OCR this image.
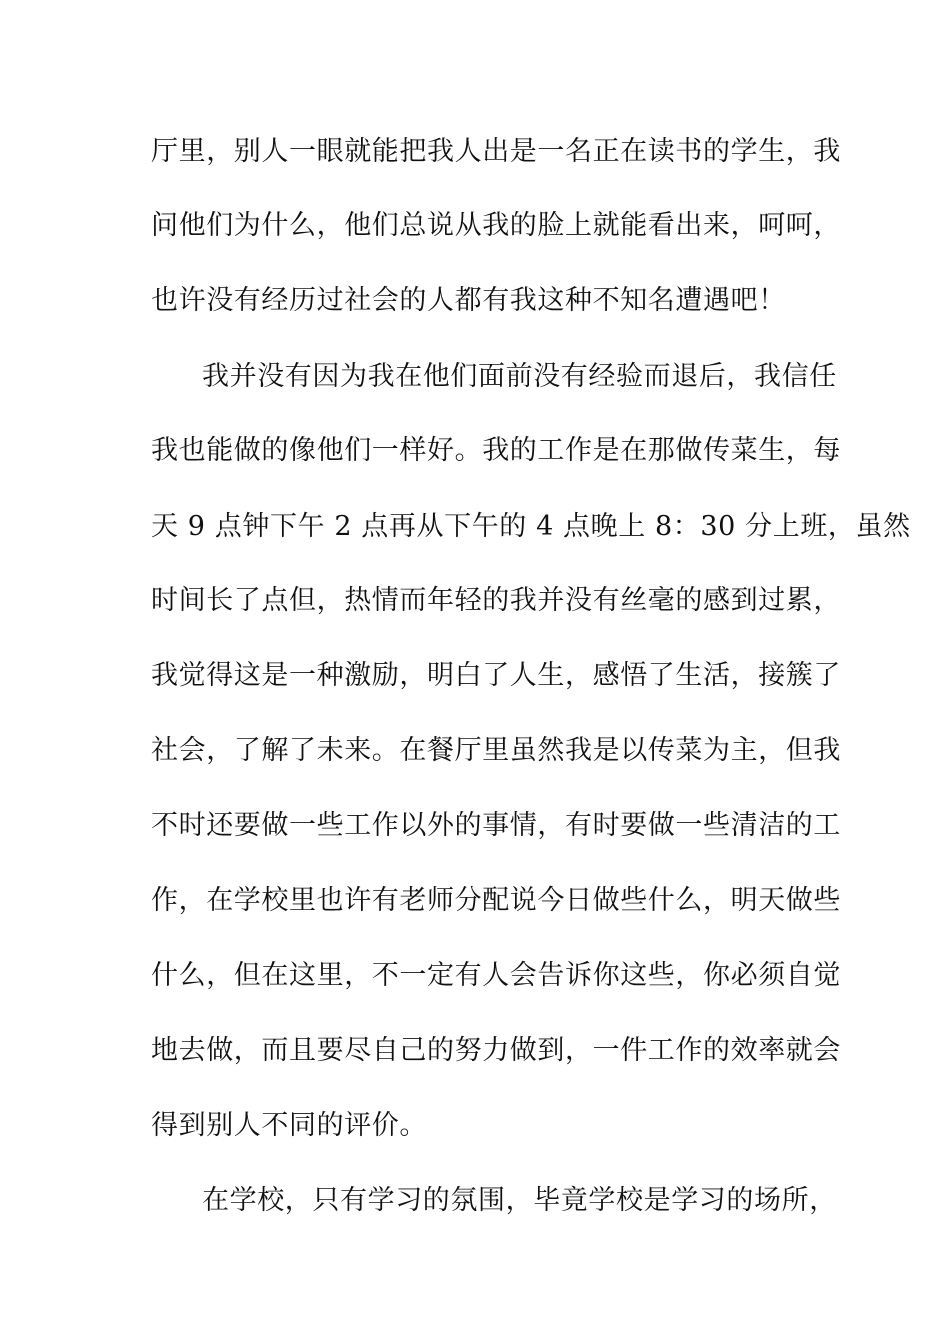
厅里，别人一眼就能把我人出是一名正在读书的学生，我
问他们为什么，他们总说从我的脸上就能看出来，呵呵，
也许没有经历过社会的人都有我这种不知名遭遇吧！
我并没有因为我在他们面前没有经验而退后，我信任
我也能做的像他们一样好。我的工作是在那做传菜生，每
天 9 点钟下午 2 点再从下午的 4 点晚上 8：30 分上班，虽然
时间长了点但，热情而年轻的我并没有丝毫的感到过累，
我觉得这是一种激励，明白了人生，感悟了生活，接簇了
社会，了解了未来。在餐厅里虽然我是以传菜为主，但我
不时还要做一些工作以外的事情，有时要做一些清洁的工
作，在学校里也许有老师分配说今日做些什么，明天做些
什么，但在这里，不一定有人会告诉你这些，你必须自觉
地去做，而且要尽自己的努力做到，一件工作的效率就会
得到别人不同的评价。
在学校，只有学习的氛围，毕竟学校是学习的场所，
